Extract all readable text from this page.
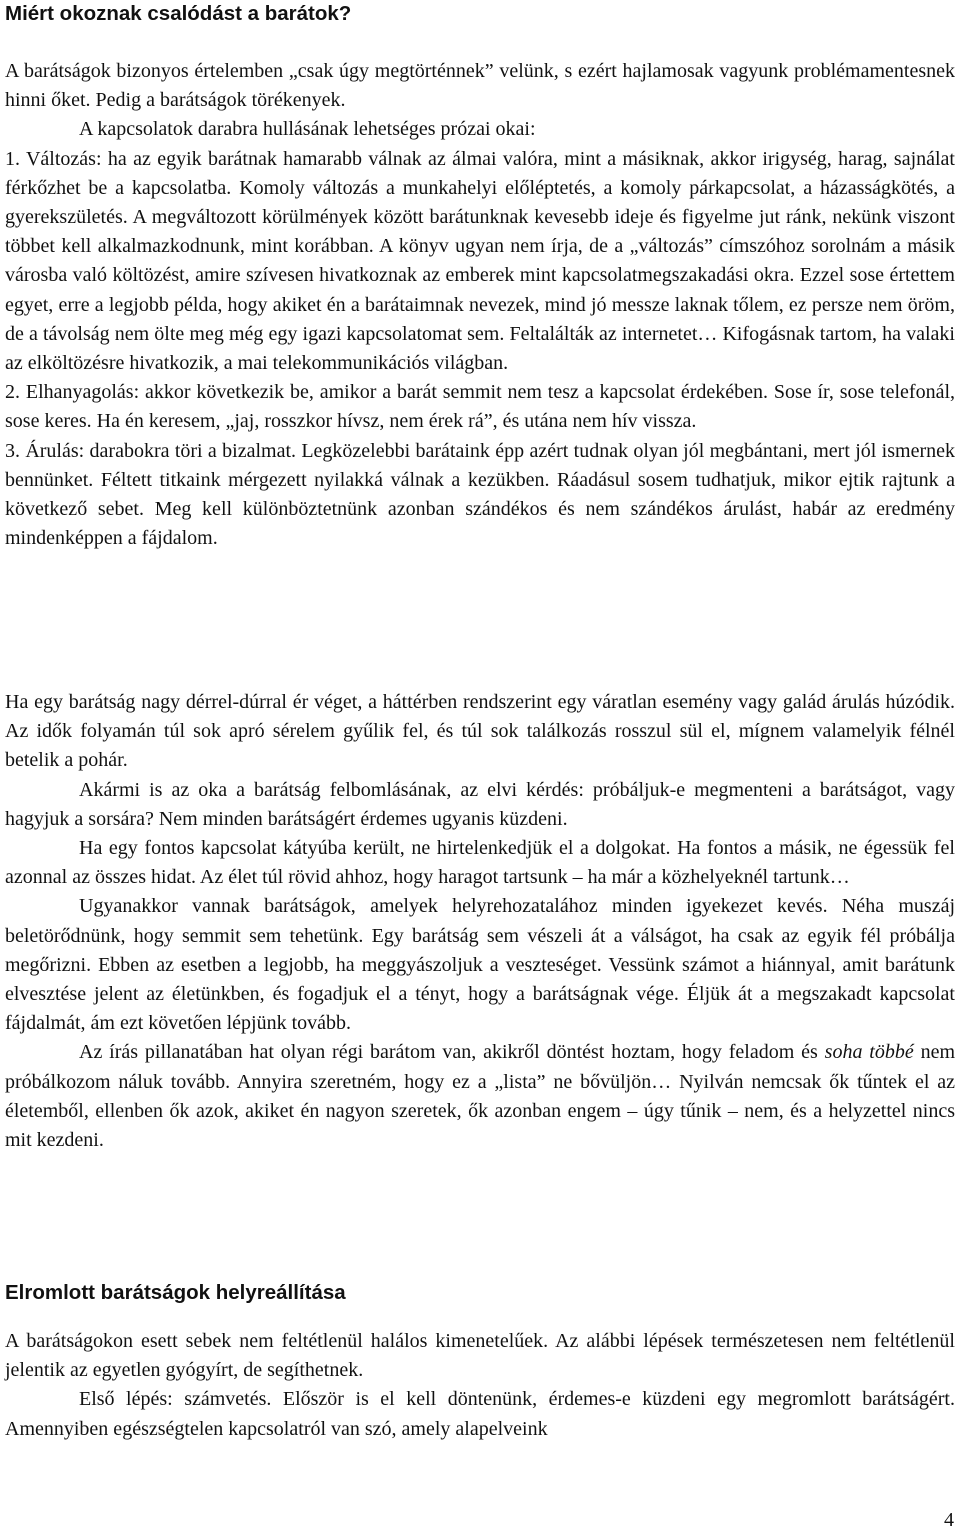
Miért okoznak csalódást a barátok?

A barátságok bizonyos értelemben „csak úgy megtörténnek” velünk, s ezért hajlamosak vagyunk problémamentesnek hinni őket. Pedig a barátságok törékenyek.

A kapcsolatok darabra hullásának lehetséges prózai okai:

1. Változás: ha az egyik barátnak hamarabb válnak az álmai valóra, mint a másiknak, akkor irigység, harag, sajnálat férkőzhet be a kapcsolatba. Komoly változás a munkahelyi előléptetés, a komoly párkapcsolat, a házasságkötés, a gyerekszületés. A megváltozott körülmények között barátunknak kevesebb ideje és figyelme jut ránk, nekünk viszont többet kell alkalmazkodnunk, mint korábban. A könyv ugyan nem írja, de a „változás” címszóhoz sorolnám a másik városba való költözést, amire szívesen hivatkoznak az emberek mint kapcsolatmegszakadási okra. Ezzel sose értettem egyet, erre a legjobb példa, hogy akiket én a barátaimnak nevezek, mind jó messze laknak tőlem, ez persze nem öröm, de a távolság nem ölte meg még egy igazi kapcsolatomat sem. Feltalálták az internetet… Kifogásnak tartom, ha valaki az elköltözésre hivatkozik, a mai telekommunikációs világban.

2. Elhanyagolás: akkor következik be, amikor a barát semmit nem tesz a kapcsolat érdekében. Sose ír, sose telefonál, sose keres. Ha én keresem, „jaj, rosszkor hívsz, nem érek rá”, és utána nem hív vissza.

3. Árulás: darabokra töri a bizalmat. Legközelebbi barátaink épp azért tudnak olyan jól megbántani, mert jól ismernek bennünket. Féltett titkaink mérgezett nyilakká válnak a kezükben. Ráadásul sosem tudhatjuk, mikor ejtik rajtunk a következő sebet. Meg kell különböztetnünk azonban szándékos és nem szándékos árulást, habár az eredmény mindenképpen a fájdalom.

Ha egy barátság nagy dérrel-dúrral ér véget, a háttérben rendszerint egy váratlan esemény vagy galád árulás húzódik. Az idők folyamán túl sok apró sérelem gyűlik fel, és túl sok találkozás rosszul sül el, mígnem valamelyik félnél betelik a pohár.

Akármi is az oka a barátság felbomlásának, az elvi kérdés: próbáljuk-e megmenteni a barátságot, vagy hagyjuk a sorsára? Nem minden barátságért érdemes ugyanis küzdeni.

Ha egy fontos kapcsolat kátyúba került, ne hirtelenkedjük el a dolgokat. Ha fontos a másik, ne égessük fel azonnal az összes hidat. Az élet túl rövid ahhoz, hogy haragot tartsunk – ha már a közhelyeknél tartunk…

Ugyanakkor vannak barátságok, amelyek helyrehozatalához minden igyekezet kevés. Néha muszáj beletörődnünk, hogy semmit sem tehetünk. Egy barátság sem vészeli át a válságot, ha csak az egyik fél próbálja megőrizni. Ebben az esetben a legjobb, ha meggyászoljuk a veszteséget. Vessünk számot a hiánnyal, amit barátunk elvesztése jelent az életünkben, és fogadjuk el a tényt, hogy a barátságnak vége. Éljük át a megszakadt kapcsolat fájdalmát, ám ezt követően lépjünk tovább.

Az írás pillanatában hat olyan régi barátom van, akikről döntést hoztam, hogy feladom és soha többé nem próbálkozom náluk tovább. Annyira szeretném, hogy ez a „lista” ne bővüljön… Nyilván nemcsak ők tűntek el az életemből, ellenben ők azok, akiket én nagyon szeretek, ők azonban engem – úgy tűnik – nem, és a helyzettel nincs mit kezdeni.

Elromlott barátságok helyreállítása

A barátságokon esett sebek nem feltétlenül halálos kimenetelűek. Az alábbi lépések természetesen nem feltétlenül jelentik az egyetlen gyógyírt, de segíthetnek.

Első lépés: számvetés. Először is el kell döntenünk, érdemes-e küzdeni egy megromlott barátságért. Amennyiben egészségtelen kapcsolatról van szó, amely alapelveink

4
